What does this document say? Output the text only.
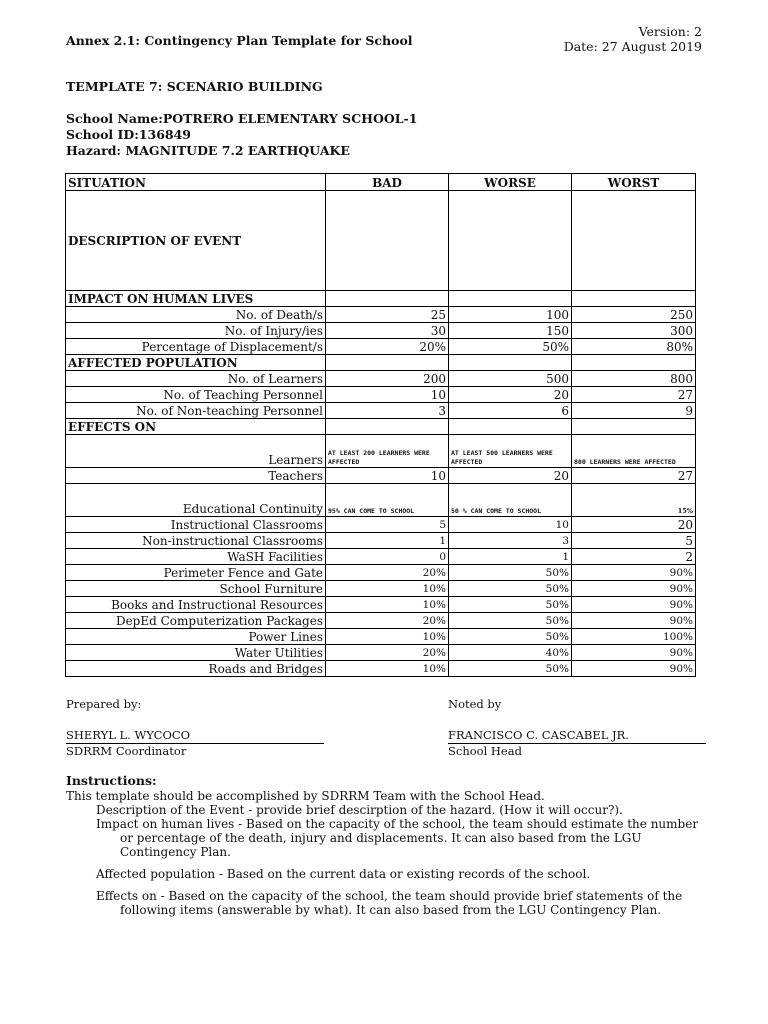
Annex 2.1: Contingency Plan Template for School
Version: 2
Date: 27 August 2019
TEMPLATE 7: SCENARIO BUILDING
School Name:POTRERO ELEMENTARY SCHOOL-1
School ID:136849
Hazard: MAGNITUDE 7.2 EARTHQUAKE
SITUATION	BAD	WORSE	WORST
DESCRIPTION OF EVENT			
IMPACT ON HUMAN LIVES			
No. of Death/s	25	100	250
No. of Injury/ies	30	150	300
Percentage of Displacement/s	20%	50%	80%
AFFECTED POPULATION			
No. of Learners	200	500	800
No. of Teaching Personnel	10	20	27
No. of Non-teaching Personnel	3	6	9
EFFECTS ON			
Learners	AT LEAST 200 LEARNERS WERE AFFECTED	AT LEAST 500 LEARNERS WERE AFFECTED	800 LEARNERS WERE AFFECTED

Teachers	10	20	27
Educational Continuity	95% CAN COME TO SCHOOL	50 % CAN COME TO SCHOOL	15%

Instructional Classrooms	5	10	20
Non-instructional Classrooms	1	3	5
WaSH Facilities	0	1	2
Perimeter Fence and Gate	20%	50%	90%
School Furniture	10%	50%	90%
Books and Instructional Resources	10%	50%	90%
DepEd Computerization Packages	20%	50%	90%
Power Lines	10%	50%	100%
Water Utilities	20%	40%	90%
Roads and Bridges	10%	50%	90%
Prepared by:	Noted by
SHERYL L. WYCOCO	FRANCISCO C. CASCABEL JR.
SDRRM Coordinator	School Head
Instructions:

This template should be accomplished by SDRRM Team with the School Head.

Description of the Event - provide brief descirption of the hazard. (How it will occur?).

Impact on human lives - Based on the capacity of the school, the team should estimate the number or percentage of the death, injury and displacements. It can also based from the LGU Contingency Plan.

Affected population - Based on the current data or existing records of the school.

Effects on - Based on the capacity of the school, the team should provide brief statements of the following items (answerable by what). It can also based from the LGU Contingency Plan.
